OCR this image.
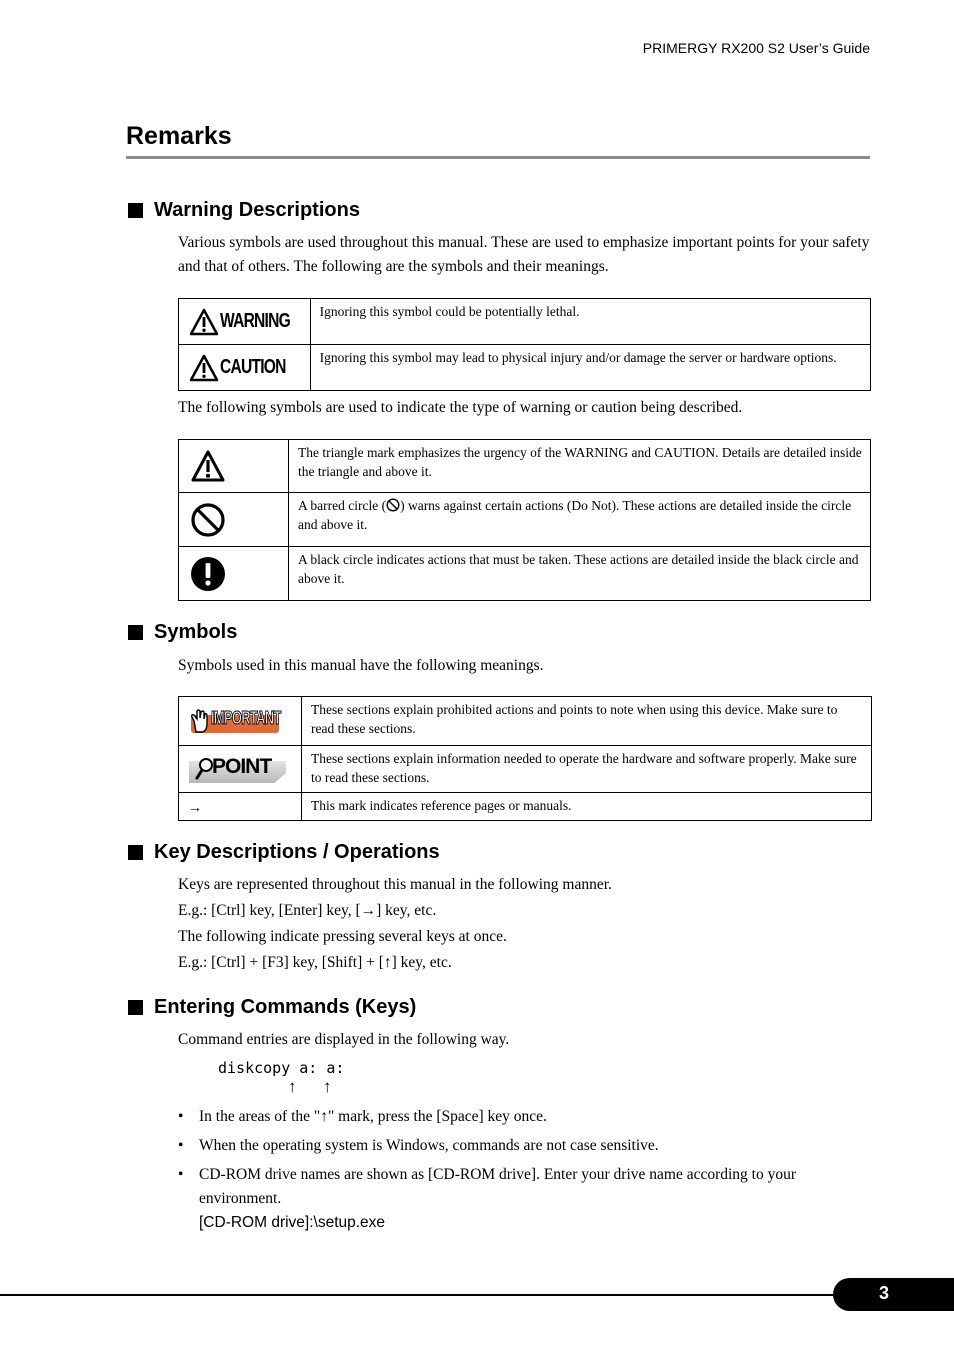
PRIMERGY RX200 S2 User’s Guide
Remarks
Warning Descriptions

Various symbols are used throughout this manual. These are used to emphasize important points for your safety and that of others. The following are the symbols and their meanings.

WARNING	Ignoring this symbol could be potentially lethal.

CAUTION	Ignoring this symbol may lead to physical injury and/or damage the server or hardware options.

The following symbols are used to indicate the type of warning or caution being described.

	The triangle mark emphasizes the urgency of the WARNING and CAUTION. Details are detailed inside the triangle and above it.

	A barred circle ( ) warns against certain actions (Do Not). These actions are detailed inside the circle and above it.

	A black circle indicates actions that must be taken. These actions are detailed inside the black circle and above it.
Symbols

Symbols used in this manual have the following meanings.

IMPORTANT	These sections explain prohibited actions and points to note when using this device. Make sure to read these sections.

POINT	These sections explain information needed to operate the hardware and software properly. Make sure to read these sections.
→	This mark indicates reference pages or manuals.
Key Descriptions / Operations
Keys are represented throughout this manual in the following manner.
E.g.: [Ctrl] key, [Enter] key, [→] key, etc.
The following indicate pressing several keys at once.
E.g.: [Ctrl] + [F3] key, [Shift] + [↑] key, etc.
Entering Commands (Keys)

Command entries are displayed in the following way.

diskcopy a: a:
↑  ↑
• In the areas of the "↑" mark, press the [Space] key once.
• When the operating system is Windows, commands are not case sensitive.
• CD-ROM drive names are shown as [CD-ROM drive]. Enter your drive name according to your environment.
[CD-ROM drive]:\setup.exe
3
